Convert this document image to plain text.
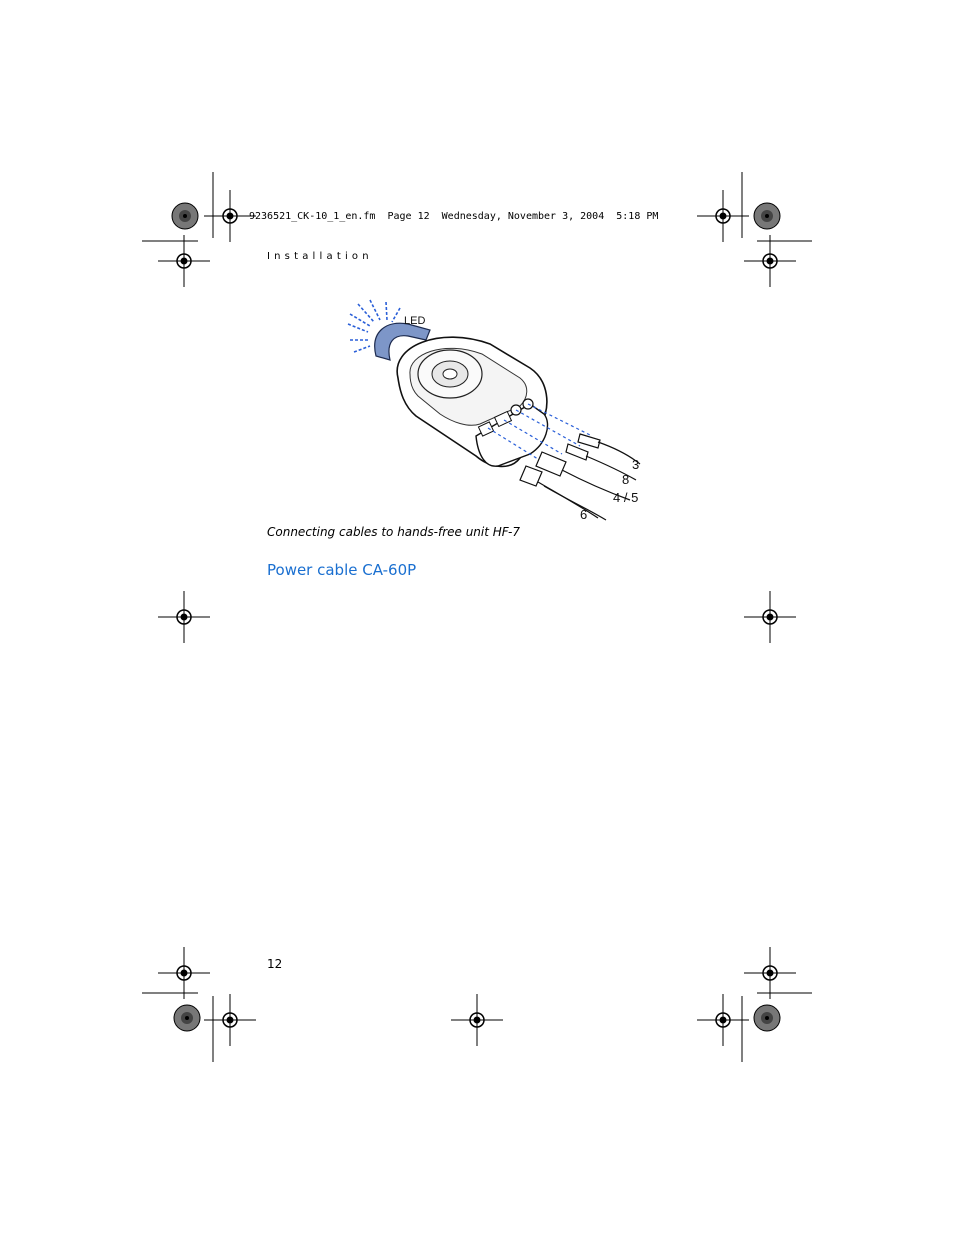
9236521_CK-10_1_en.fm  Page 12  Wednesday, November 3, 2004  5:18 PM
Installation
LED
3
8
4 / 5
6
Connecting cables to hands-free unit HF-7
Power cable CA-60P
12
